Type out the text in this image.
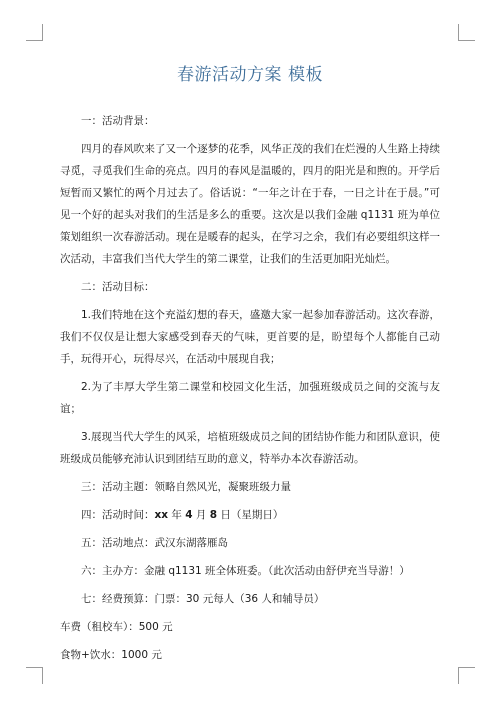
春游活动方案 模板

一：活动背景：

四月的春风吹来了又一个逐梦的花季，风华正茂的我们在烂漫的人生路上持续寻觅，寻觅我们生命的亮点。四月的春风是温暖的，四月的阳光是和煦的。开学后短暂而又繁忙的两个月过去了。俗话说：“一年之计在于春，一日之计在于晨。”可见一个好的起头对我们的生活是多么的重要。这次是以我们金融 q1131 班为单位策划组织一次春游活动。现在是暖春的起头，在学习之余，我们有必要组织这样一次活动，丰富我们当代大学生的第二课堂，让我们的生活更加阳光灿烂。

二：活动目标：

1.我们特地在这个充溢幻想的春天，盛邀大家一起参加春游活动。这次春游，我们不仅仅是让想大家感受到春天的气味，更首要的是，盼望每个人都能自己动手，玩得开心，玩得尽兴，在活动中展现自我；

2.为了丰厚大学生第二课堂和校园文化生活，加强班级成员之间的交流与友谊；

3.展现当代大学生的风采，培植班级成员之间的团结协作能力和团队意识，使班级成员能够充沛认识到团结互助的意义，特举办本次春游活动。

三：活动主题：领略自然风光，凝聚班级力量

四：活动时间：xx 年 4 月 8 日（星期日）

五：活动地点：武汉东湖落雁岛

六：主办方：金融 q1131 班全体班委。（此次活动由舒伊充当导游！）

七：经费预算：门票：30 元每人（36 人和辅导员）

车费（租校车）：500 元

食物+饮水：1000 元
